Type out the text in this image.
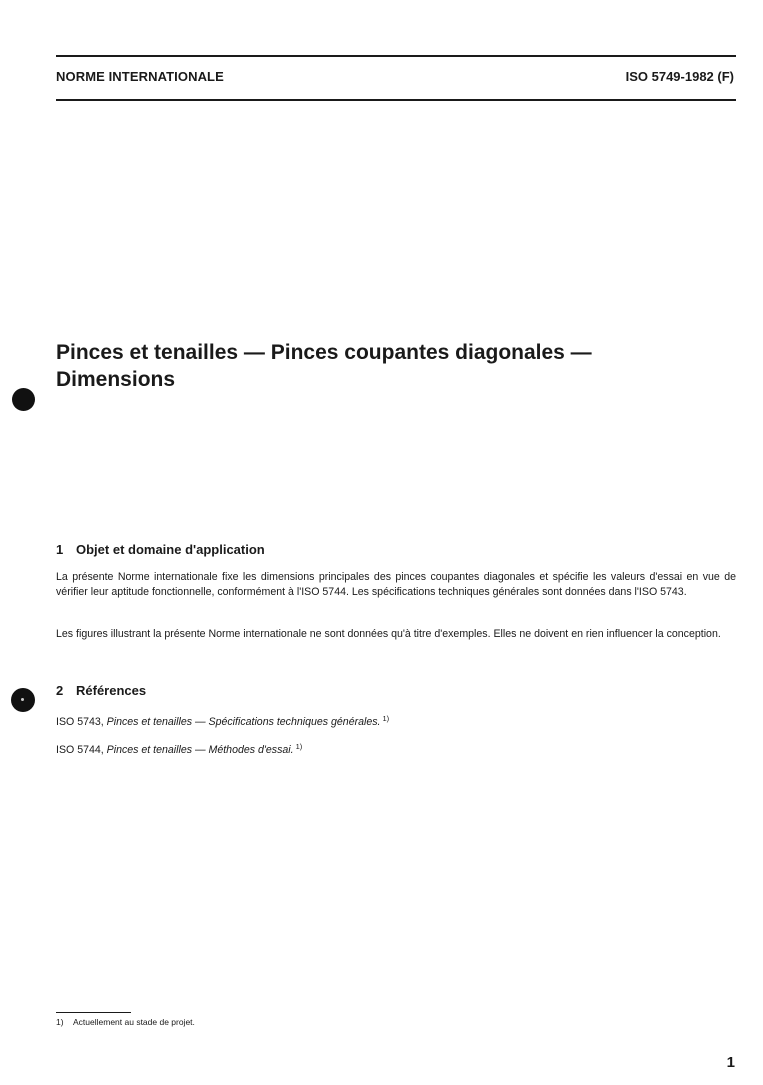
NORME INTERNATIONALE	ISO 5749-1982 (F)
Pinces et tenailles — Pinces coupantes diagonales —
Dimensions
1 Objet et domaine d'application

La présente Norme internationale fixe les dimensions principales des pinces coupantes diagonales et spécifie les valeurs d'essai en vue de vérifier leur aptitude fonctionnelle, conformément à l'ISO 5744. Les spécifications techniques générales sont données dans l'ISO 5743.

Les figures illustrant la présente Norme internationale ne sont données qu'à titre d'exemples. Elles ne doivent en rien influencer la conception.

2 Références

ISO 5743, Pinces et tenailles — Spécifications techniques générales. $^{1)}$

ISO 5744, Pinces et tenailles — Méthodes d'essai. $^{1)}$

1) Actuellement au stade de projet.

1
